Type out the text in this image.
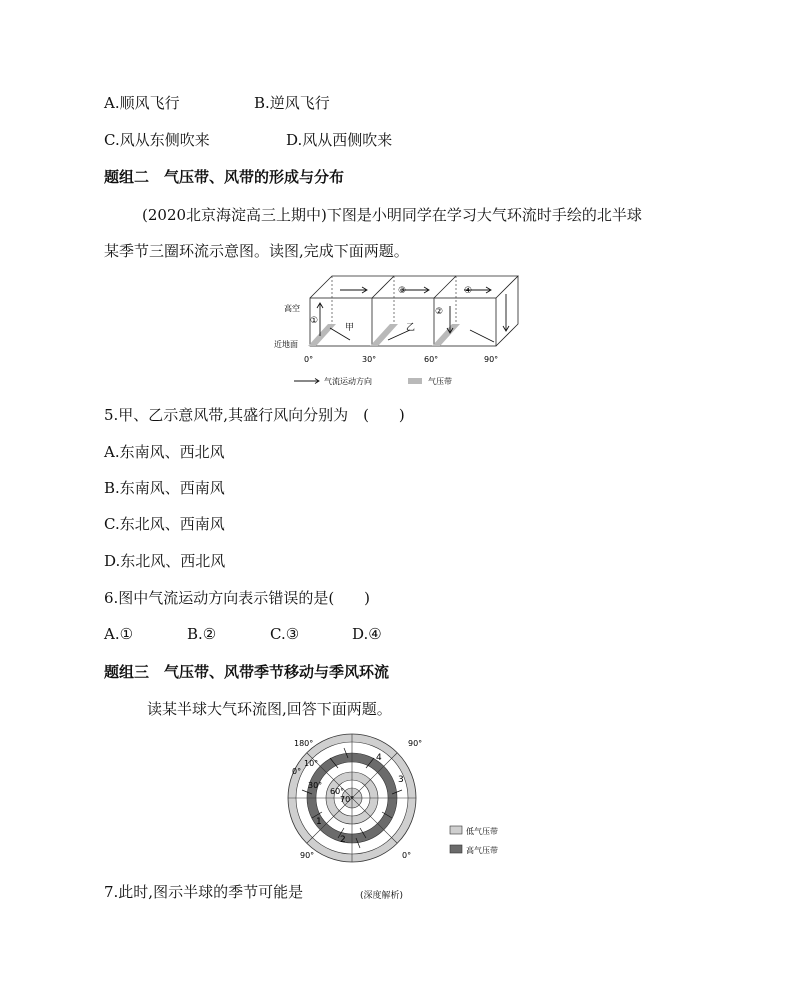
A.顺风飞行	B.逆风飞行
C.风从东侧吹来	D.风从西侧吹来
题组二　气压带、风带的形成与分布
(2020北京海淀高三上期中)下图是小明同学在学习大气环流时手绘的北半球
某季节三圈环流示意图。读图,完成下面两题。
高空
近地面
①
②
③	④
甲	乙
0°	30°	60°	90°
气流运动方向	气压带
5.甲、乙示意风带,其盛行风向分别为　(　　)
A.东南风、西北风
B.东南风、西南风
C.东北风、西南风
D.东北风、西北风
6.图中气流运动方向表示错误的是(　　)
A.①	B.②	C.③	D.④
题组三　气压带、风带季节移动与季风环流
读某半球大气环流图,回答下面两题。
180°	90°
0°
10°
30°
60°
70°
90°	0°
1
2
3
4
低气压带
高气压带
7.此时,图示半球的季节可能是	(深度解析)
